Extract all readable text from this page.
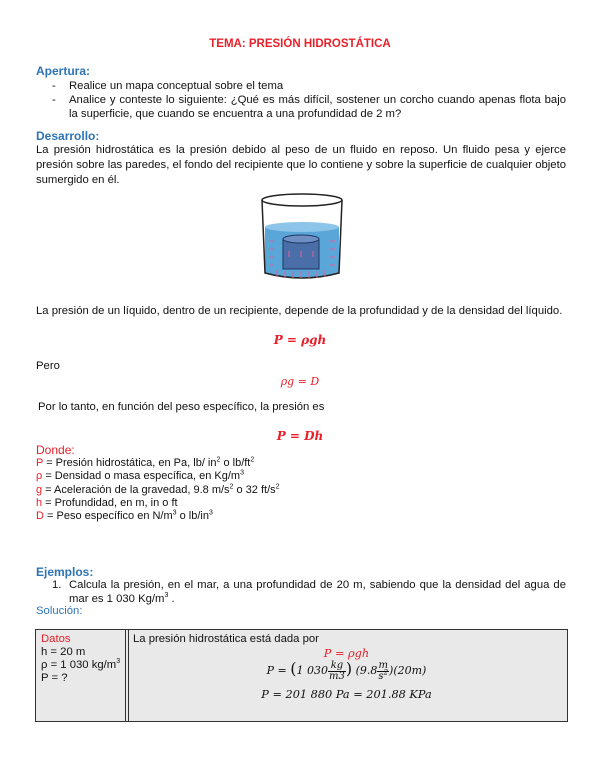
TEMA: PRESIÓN HIDROSTÁTICA
Apertura:
- Realice un mapa conceptual sobre el tema
- Analice y conteste lo siguiente: ¿Qué es más difícil, sostener un corcho cuando apenas flota bajo la superficie, que cuando se encuentra a una profundidad de 2 m?
Desarrollo:
La presión hidrostática es la presión debido al peso de un fluido en reposo. Un fluido pesa y ejerce presión sobre las paredes, el fondo del recipiente que lo contiene y sobre la superficie de cualquier objeto sumergido en él.
La presión de un líquido, dentro de un recipiente, depende de la profundidad y de la densidad del líquido.
P = ρgh
Pero
ρg = D
Por lo tanto, en función del peso específico, la presión es
P = Dh
Donde:
P = Presión hidrostática, en Pa, lb/ $in^2$ o $lb/ft^2$
ρ = Densidad o masa específica, en $Kg/m^3$
g = Aceleración de la gravedad, 9.8 $m/s^2$ o 32 $ft/s^2$
h = Profundidad, en m, in o ft
D = Peso específico en $N/m^3$ o $lb/in^3$
Ejemplos:
1. Calcula la presión, en el mar, a una profundidad de 20 m, sabiendo que la densidad del agua de mar es 1 030 $Kg/m^3$ .
Solución:
Datos
h = 20 m
ρ = 1 030 $kg/m^3$
P = ?
La presión hidrostática está dada por
P = ρgh
P = (1 $030 \frac{kg}{m3}$ ) $(9.8 \frac{m}{s^2} )(20m)$
P = 201 880 Pa = 201.88 KPa
